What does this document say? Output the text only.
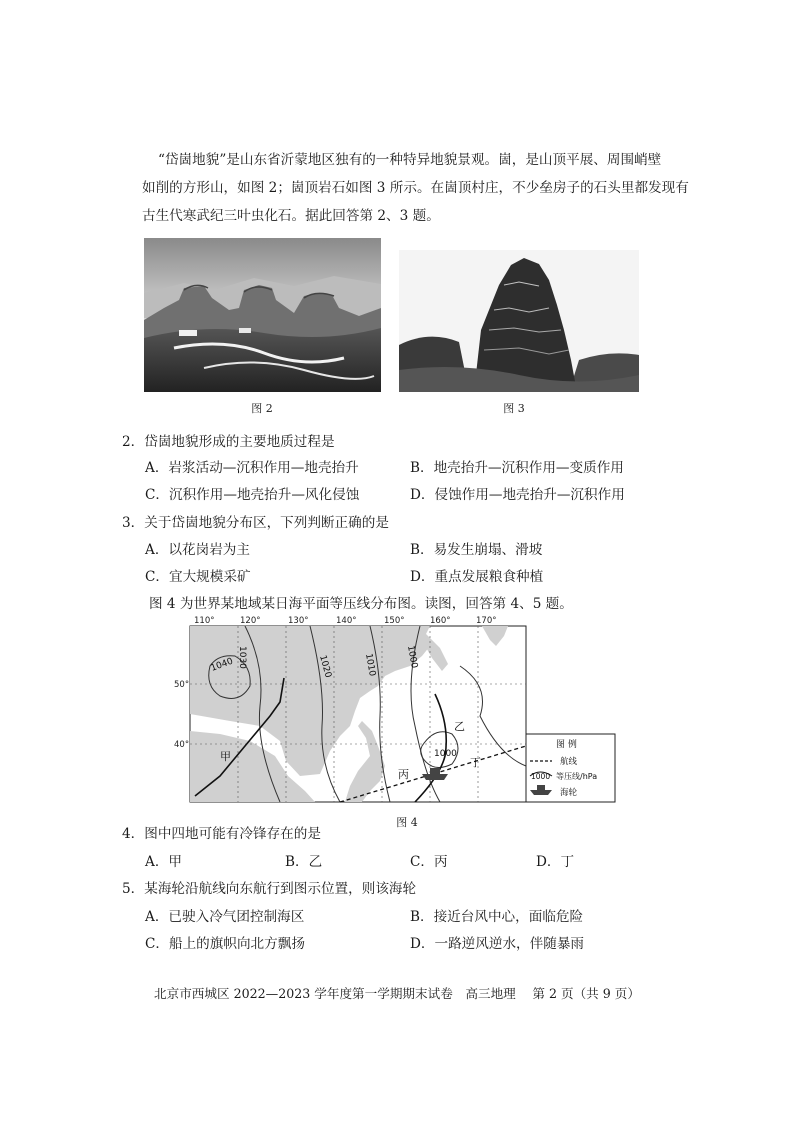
“岱崮地貌”是山东省沂蒙地区独有的一种特异地貌景观。崮，是山顶平展、周围峭壁
如削的方形山，如图 2；崮顶岩石如图 3 所示。在崮顶村庄，不少垒房子的石头里都发现有
古生代寒武纪三叶虫化石。据此回答第 2、3 题。
图 2	图 3
2．岱崮地貌形成的主要地质过程是
A．岩浆活动—沉积作用—地壳抬升	B．地壳抬升—沉积作用—变质作用
C．沉积作用—地壳抬升—风化侵蚀	D．侵蚀作用—地壳抬升—沉积作用
3．关于岱崮地貌分布区，下列判断正确的是
A．以花岗岩为主	B．易发生崩塌、滑坡
C．宜大规模采矿	D．重点发展粮食种植
图 4 为世界某地域某日海平面等压线分布图。读图，回答第 4、5 题。
110°	120°	130°	140°	150°	160°	170°
50°
40°
1040 1030	1020	1010	1000
1000
甲
乙
丙
丁
图 例
航线
1000 等压线/hPa
海轮
图 4
4．图中四地可能有冷锋存在的是
A．甲	B．乙	C．丙	D．丁
5．某海轮沿航线向东航行到图示位置，则该海轮
A．已驶入冷气团控制海区	B．接近台风中心，面临危险
C．船上的旗帜向北方飘扬	D．一路逆风逆水，伴随暴雨
北京市西城区 2022—2023 学年度第一学期期末试卷　高三地理　 第 2 页（共 9 页）
